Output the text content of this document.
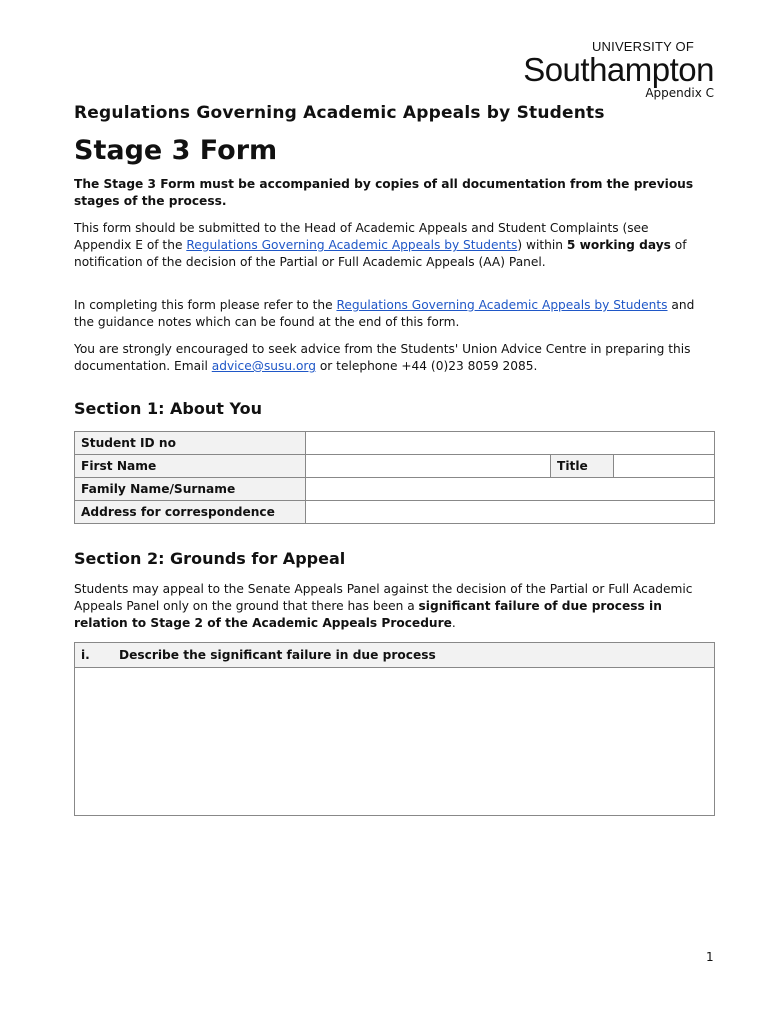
UNIVERSITY OF
Southampton
Appendix C
Regulations Governing Academic Appeals by Students
Stage 3 Form

The Stage 3 Form must be accompanied by copies of all documentation from the previous stages of the process.

This form should be submitted to the Head of Academic Appeals and Student Complaints (see Appendix E of the Regulations Governing Academic Appeals by Students) within 5 working days of notification of the decision of the Partial or Full Academic Appeals (AA) Panel.

In completing this form please refer to the Regulations Governing Academic Appeals by Students and the guidance notes which can be found at the end of this form.

You are strongly encouraged to seek advice from the Students' Union Advice Centre in preparing this documentation. Email advice@susu.org or telephone +44 (0)23 8059 2085.

Section 1: About You
Student ID no			
First Name		Title	
Family Name/Surname			
Address for correspondence			
Section 2: Grounds for Appeal

Students may appeal to the Senate Appeals Panel against the decision of the Partial or Full Academic Appeals Panel only on the ground that there has been a significant failure of due process in relation to Stage 2 of the Academic Appeals Procedure.

i.	Describe the significant failure in due process
1
